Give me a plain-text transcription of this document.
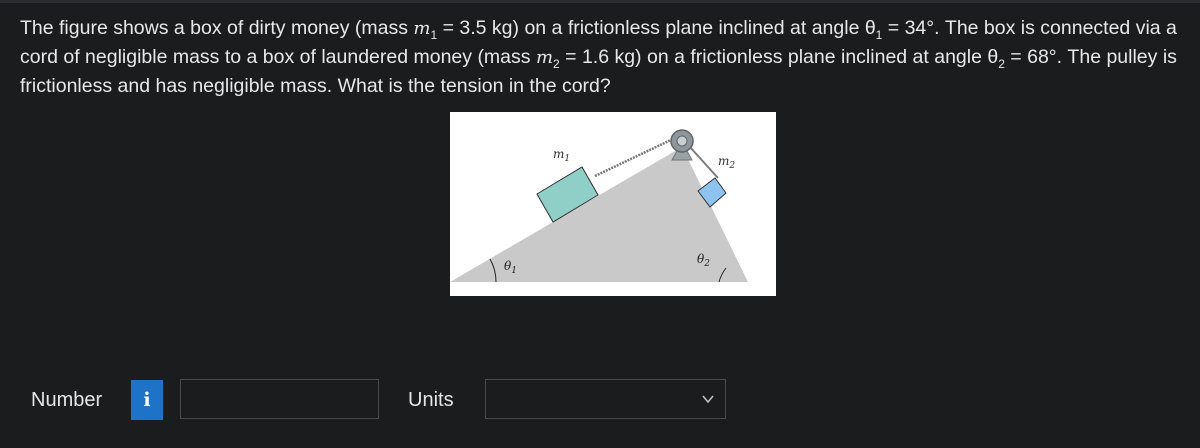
The figure shows a box of dirty money (mass $m_1 = 3.5$ kg) on a frictionless plane inclined at angle $\theta_1 = 34^\circ$. The box is connected via a cord of negligible mass to a box of laundered money (mass $m_2 = 1.6$ kg) on a frictionless plane inclined at angle $\theta_2 = 68^\circ$. The pulley is frictionless and has negligible mass. What is the tension in the cord?
$m_1$	$m_2$
$\theta_1$
$\theta_2$
Number	i	Units
